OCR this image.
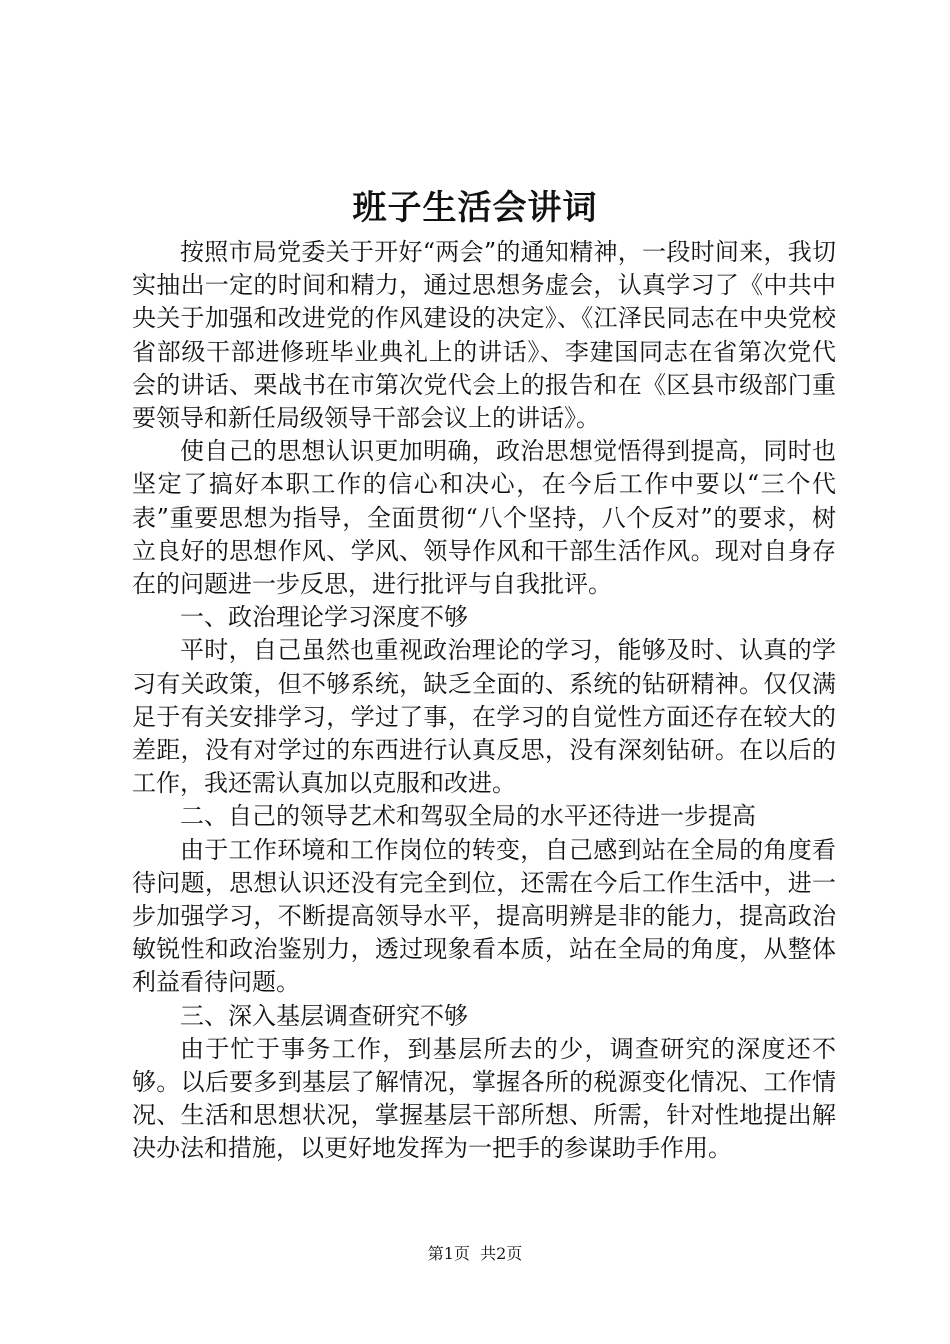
班子生活会讲词

按照市局党委关于开好“两会”的通知精神，一段时间来，我切实抽出一定的时间和精力，通过思想务虚会，认真学习了《中共中央关于加强和改进党的作风建设的决定》、《江泽民同志在中央党校省部级干部进修班毕业典礼上的讲话》、李建国同志在省第次党代会的讲话、栗战书在市第次党代会上的报告和在《区县市级部门重要领导和新任局级领导干部会议上的讲话》。

使自己的思想认识更加明确，政治思想觉悟得到提高，同时也坚定了搞好本职工作的信心和决心，在今后工作中要以“三个代表”重要思想为指导，全面贯彻“八个坚持，八个反对”的要求，树立良好的思想作风、学风、领导作风和干部生活作风。现对自身存在的问题进一步反思，进行批评与自我批评。

一、政治理论学习深度不够

平时，自己虽然也重视政治理论的学习，能够及时、认真的学习有关政策，但不够系统，缺乏全面的、系统的钻研精神。仅仅满足于有关安排学习，学过了事，在学习的自觉性方面还存在较大的差距，没有对学过的东西进行认真反思，没有深刻钻研。在以后的工作，我还需认真加以克服和改进。

二、自己的领导艺术和驾驭全局的水平还待进一步提高

由于工作环境和工作岗位的转变，自己感到站在全局的角度看待问题，思想认识还没有完全到位，还需在今后工作生活中，进一步加强学习，不断提高领导水平，提高明辨是非的能力，提高政治敏锐性和政治鉴别力，透过现象看本质，站在全局的角度，从整体利益看待问题。

三、深入基层调查研究不够

由于忙于事务工作，到基层所去的少，调查研究的深度还不够。以后要多到基层了解情况，掌握各所的税源变化情况、工作情况、生活和思想状况，掌握基层干部所想、所需，针对性地提出解决办法和措施，以更好地发挥为一把手的参谋助手作用。

第1页 共2页
